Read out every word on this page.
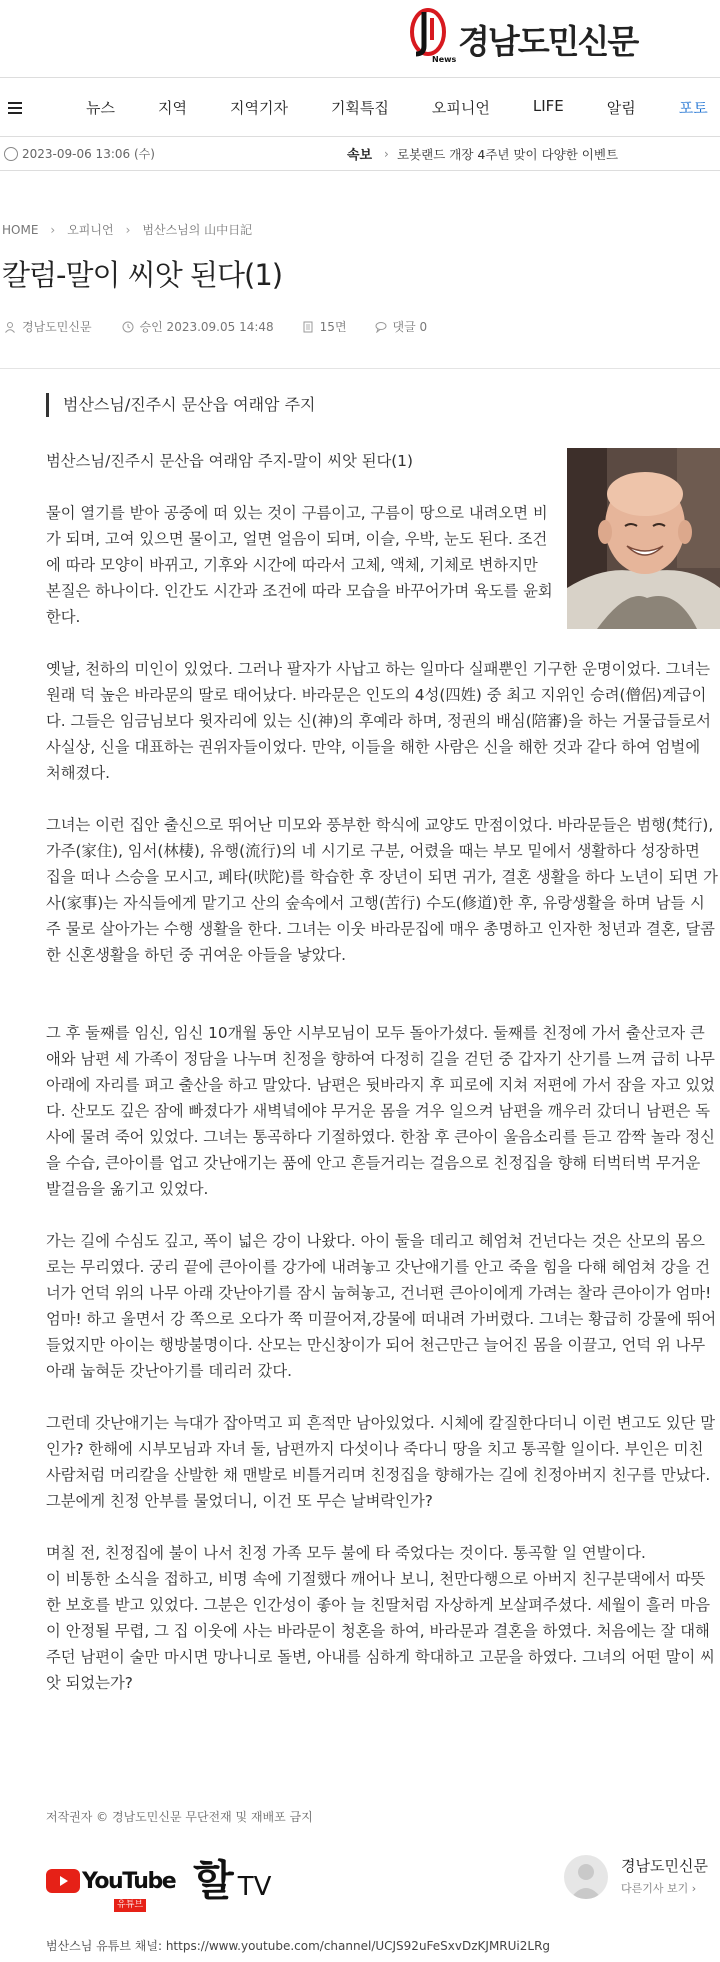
News 경남도민신문
뉴스	지역	지역기자	기획특집	오피니언	LIFE	알림	포토
2023-09-06 13:06 (수)	속보 › 로봇랜드 개장 4주년 맞이 다양한 이벤트
HOME › 오피니언 › 범산스님의 山中日記
칼럼-말이 씨앗 된다(1)
경남도민신문	승인 2023.09.05 14:48	15면	댓글 0
범산스님/진주시 문산읍 여래암 주지

범산스님/진주시 문산읍 여래암 주지-말이 씨앗 된다(1)

물이 열기를 받아 공중에 떠 있는 것이 구름이고, 구름이 땅으로 내려오면 비가 되며, 고여 있으면 물이고, 얼면 얼음이 되며, 이슬, 우박, 눈도 된다. 조건에 따라 모양이 바뀌고, 기후와 시간에 따라서 고체, 액체, 기체로 변하지만 본질은 하나이다. 인간도 시간과 조건에 따라 모습을 바꾸어가며 육도를 윤회한다.

옛날, 천하의 미인이 있었다. 그러나 팔자가 사납고 하는 일마다 실패뿐인 기구한 운명이었다. 그녀는 원래 덕 높은 바라문의 딸로 태어났다. 바라문은 인도의 4성(四姓) 중 최고 지위인 승려(僧侶)계급이다. 그들은 임금님보다 윗자리에 있는 신(神)의 후예라 하며, 정권의 배심(陪審)을 하는 거물급들로서 사실상, 신을 대표하는 권위자들이었다. 만약, 이들을 해한 사람은 신을 해한 것과 같다 하여 엄벌에 처해졌다.

그녀는 이런 집안 출신으로 뛰어난 미모와 풍부한 학식에 교양도 만점이었다. 바라문들은 범행(梵行), 가주(家住), 임서(林棲), 유행(流行)의 네 시기로 구분, 어렸을 때는 부모 밑에서 생활하다 성장하면 집을 떠나 스승을 모시고, 폐타(吠陀)를 학습한 후 장년이 되면 귀가, 결혼 생활을 하다 노년이 되면 가사(家事)는 자식들에게 맡기고 산의 숲속에서 고행(苦行) 수도(修道)한 후, 유랑생활을 하며 남들 시주 물로 살아가는 수행 생활을 한다. 그녀는 이웃 바라문집에 매우 총명하고 인자한 청년과 결혼, 달콤한 신혼생활을 하던 중 귀여운 아들을 낳았다.

그 후 둘째를 임신, 임신 10개월 동안 시부모님이 모두 돌아가셨다. 둘째를 친정에 가서 출산코자 큰애와 남편 세 가족이 정담을 나누며 친정을 향하여 다정히 길을 걷던 중 갑자기 산기를 느껴 급히 나무 아래에 자리를 펴고 출산을 하고 말았다. 남편은 뒷바라지 후 피로에 지쳐 저편에 가서 잠을 자고 있었다. 산모도 깊은 잠에 빠졌다가 새벽녘에야 무거운 몸을 겨우 일으켜 남편을 깨우러 갔더니 남편은 독사에 물려 죽어 있었다. 그녀는 통곡하다 기절하였다. 한참 후 큰아이 울음소리를 듣고 깜짝 놀라 정신을 수습, 큰아이를 업고 갓난애기는 품에 안고 흔들거리는 걸음으로 친정집을 향해 터벅터벅 무거운 발걸음을 옮기고 있었다.

가는 길에 수심도 깊고, 폭이 넓은 강이 나왔다. 아이 둘을 데리고 헤엄쳐 건넌다는 것은 산모의 몸으로는 무리였다. 궁리 끝에 큰아이를 강가에 내려놓고 갓난애기를 안고 죽을 힘을 다해 헤엄쳐 강을 건너가 언덕 위의 나무 아래 갓난아기를 잠시 눕혀놓고, 건너편 큰아이에게 가려는 찰라 큰아이가 엄마! 엄마! 하고 울면서 강 쪽으로 오다가 쭉 미끌어져,강물에 떠내려 가버렸다. 그녀는 황급히 강물에 뛰어들었지만 아이는 행방불명이다. 산모는 만신창이가 되어 천근만근 늘어진 몸을 이끌고, 언덕 위 나무 아래 눕혀둔 갓난아기를 데리러 갔다.

그런데 갓난애기는 늑대가 잡아먹고 피 흔적만 남아있었다. 시체에 칼질한다더니 이런 변고도 있단 말인가? 한해에 시부모님과 자녀 둘, 남편까지 다섯이나 죽다니 땅을 치고 통곡할 일이다. 부인은 미친 사람처럼 머리칼을 산발한 채 맨발로 비틀거리며 친정집을 향해가는 길에 친정아버지 친구를 만났다. 그분에게 친정 안부를 물었더니, 이건 또 무슨 날벼락인가?

며칠 전, 친정집에 불이 나서 친정 가족 모두 불에 타 죽었다는 것이다. 통곡할 일 연발이다.
이 비통한 소식을 접하고, 비명 속에 기절했다 깨어나 보니, 천만다행으로 아버지 친구분댁에서 따뜻한 보호를 받고 있었다. 그분은 인간성이 좋아 늘 친딸처럼 자상하게 보살펴주셨다. 세월이 흘러 마음이 안정될 무렵, 그 집 이웃에 사는 바라문이 청혼을 하여, 바라문과 결혼을 하였다. 처음에는 잘 대해주던 남편이 술만 마시면 망나니로 돌변, 아내를 심하게 학대하고 고문을 하였다. 그녀의 어떤 말이 씨앗 되었는가?

저작권자 © 경남도민신문 무단전재 및 재배포 금지
YouTube
유튜브 할 TV
경남도민신문
다른기사 보기 ›
범산스님 유튜브 채널: https://www.youtube.com/channel/UCJS92uFeSxvDzKJMRUi2LRg
